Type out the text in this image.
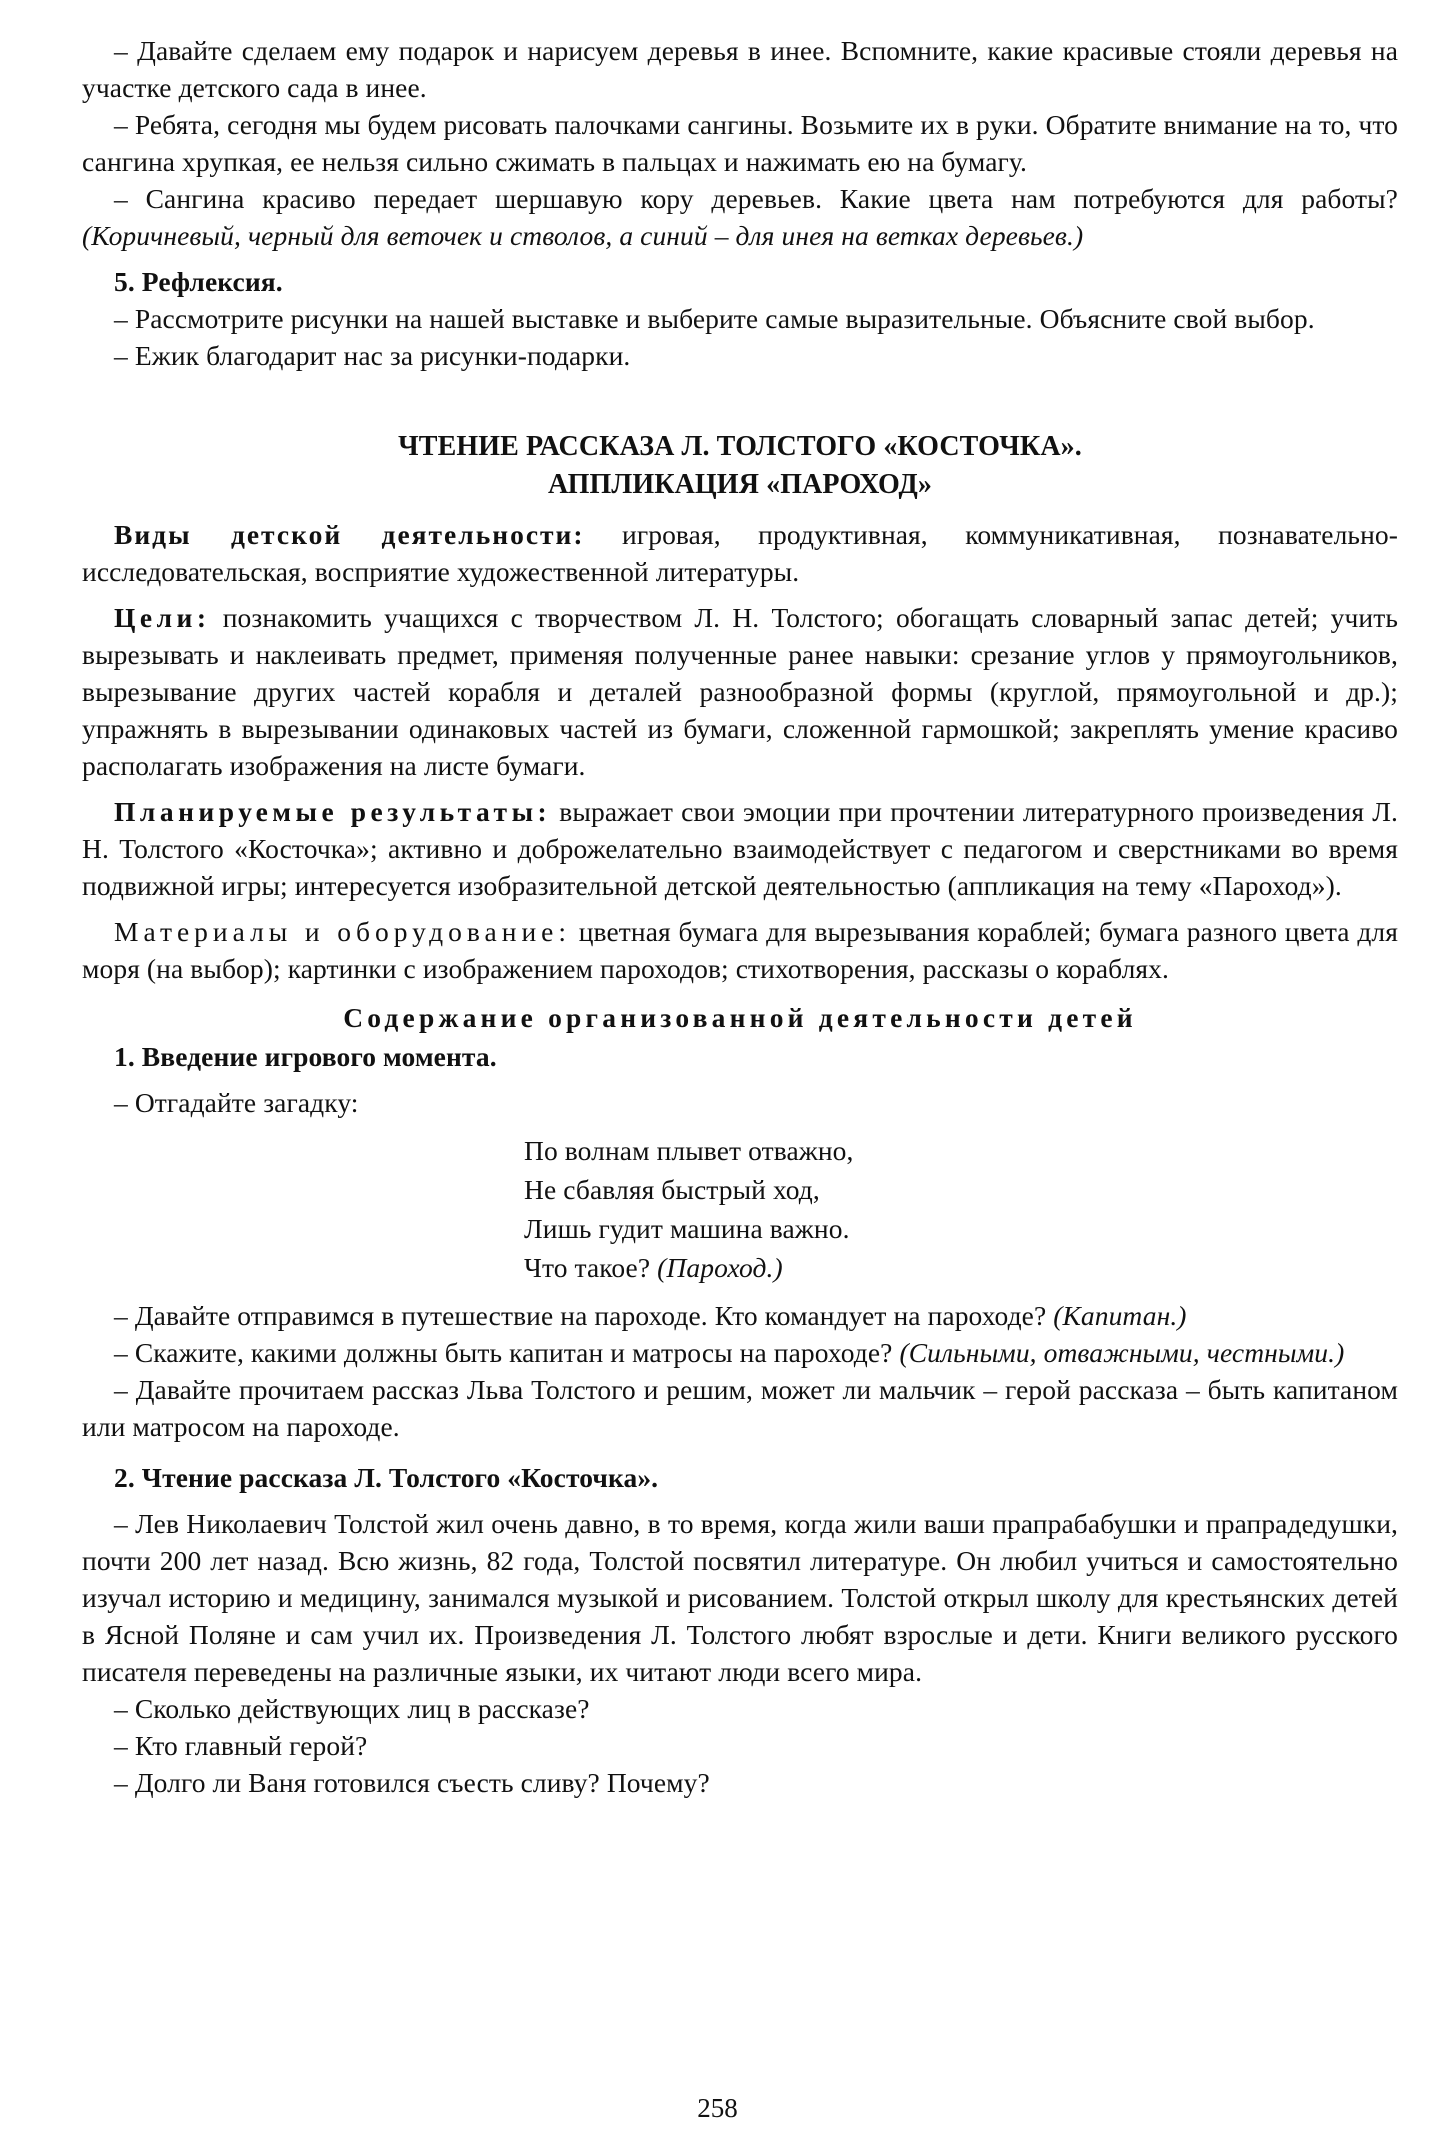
– Давайте сделаем ему подарок и нарисуем деревья в инее. Вспомните, какие красивые стояли деревья на участке детского сада в инее.

– Ребята, сегодня мы будем рисовать палочками сангины. Возьмите их в руки. Обратите внимание на то, что сангина хрупкая, ее нельзя сильно сжимать в пальцах и нажимать ею на бумагу.

– Сангина красиво передает шершавую кору деревьев. Какие цвета нам потребуются для работы? (Коричневый, черный для веточек и стволов, а синий – для инея на ветках деревьев.)

5. Рефлексия.

– Рассмотрите рисунки на нашей выставке и выберите самые выразительные. Объясните свой выбор.

– Ежик благодарит нас за рисунки-подарки.

ЧТЕНИЕ РАССКАЗА Л. ТОЛСТОГО «КОСТОЧКА».
АППЛИКАЦИЯ «ПАРОХОД»

Виды детской деятельности: игровая, продуктивная, коммуникативная, познавательно-исследовательская, восприятие художественной литературы.

Цели: познакомить учащихся с творчеством Л. Н. Толстого; обогащать словарный запас детей; учить вырезывать и наклеивать предмет, применяя полученные ранее навыки: срезание углов у прямоугольников, вырезывание других частей корабля и деталей разнообразной формы (круглой, прямоугольной и др.); упражнять в вырезывании одинаковых частей из бумаги, сложенной гармошкой; закреплять умение красиво располагать изображения на листе бумаги.

Планируемые результаты: выражает свои эмоции при прочтении литературного произведения Л. Н. Толстого «Косточка»; активно и доброжелательно взаимодействует с педагогом и сверстниками во время подвижной игры; интересуется изобразительной детской деятельностью (аппликация на тему «Пароход»).

Материалы и оборудование: цветная бумага для вырезывания кораблей; бумага разного цвета для моря (на выбор); картинки с изображением пароходов; стихотворения, рассказы о кораблях.

Содержание организованной деятельности детей

1. Введение игрового момента.

– Отгадайте загадку:

По волнам плывет отважно,
Не сбавляя быстрый ход,
Лишь гудит машина важно.
Что такое? (Пароход.)

– Давайте отправимся в путешествие на пароходе. Кто командует на пароходе? (Капитан.)

– Скажите, какими должны быть капитан и матросы на пароходе? (Сильными, отважными, честными.)

– Давайте прочитаем рассказ Льва Толстого и решим, может ли мальчик – герой рассказа – быть капитаном или матросом на пароходе.

2. Чтение рассказа Л. Толстого «Косточка».

– Лев Николаевич Толстой жил очень давно, в то время, когда жили ваши прапрабабушки и прапрадедушки, почти 200 лет назад. Всю жизнь, 82 года, Толстой посвятил литературе. Он любил учиться и самостоятельно изучал историю и медицину, занимался музыкой и рисованием. Толстой открыл школу для крестьянских детей в Ясной Поляне и сам учил их. Произведения Л. Толстого любят взрослые и дети. Книги великого русского писателя переведены на различные языки, их читают люди всего мира.

– Сколько действующих лиц в рассказе?

– Кто главный герой?

– Долго ли Ваня готовился съесть сливу? Почему?

258
